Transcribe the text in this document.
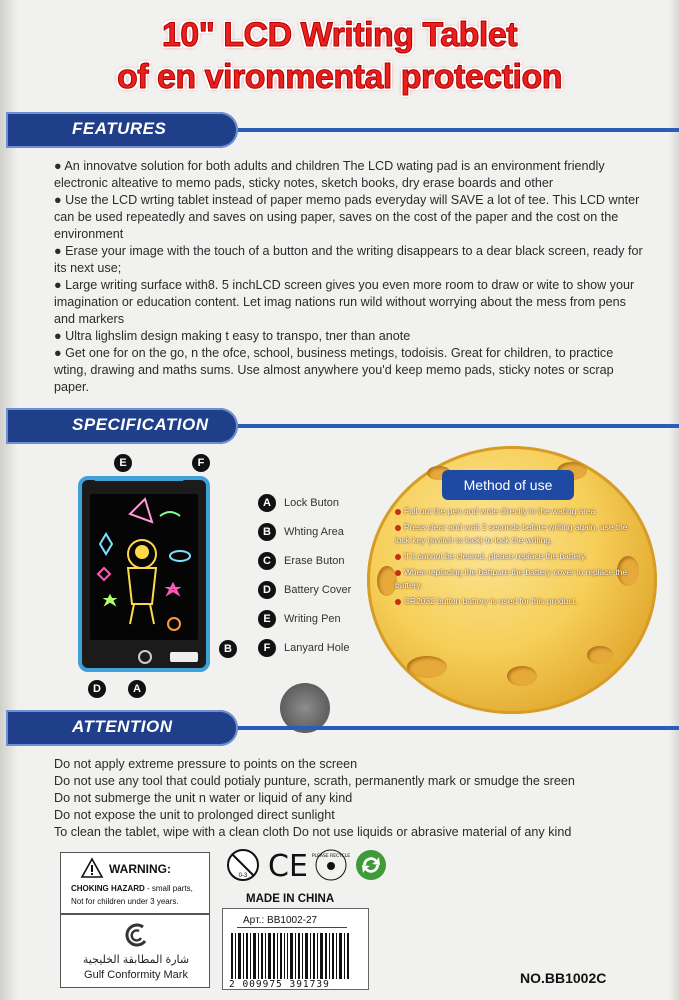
10" LCD Writing Tablet
of en vironmental protection
FEATURES

● An innovatve solution for both adults and children The LCD wating pad is an environment friendly electronic alteative to memo pads, sticky notes, sketch books, dry erase boards and other

● Use the LCD wrting tablet instead of paper memo pads everyday will SAVE a lot of tee. This LCD wnter can be used repeatedly and saves on using paper, saves on the cost of the paper and the cost on the environment

● Erase your image with the touch of a button and the writing disappears to a dear black screen, ready for its next use;

● Large writing surface with8. 5 inchLCD screen gives you even more room to draw or wite to show your imagination or education content. Let imag nations run wild without worrying about the mess from pens and markers

● Ultra lighslim design making t easy to transpo, tner than anote

● Get one for on the go, n the ofce, school, business metings, todoisis. Great for children, to practice wting, drawing and maths sums. Use almost anywhere you'd keep memo pads, sticky notes or scrap paper.

SPECIFICATION
E	F
B
D	A
A Lock Buton
B Whting Area
C Erase Buton
D Battery Cover
E Writing Pen
F Lanyard Hole
Method of use

Full out the pen and wnte directly in the wating area

Press clear and wait 2 seconds before writing again, use the lock key (switch to lock) to lock the writing.

If it cannot be cleared, please replace the battery.

When replacing the battpure the battery cover to replace the battery.

CR2032 button battery is used for this product.

ATTENTION

Do not apply extreme pressure to points on the screen

Do not use any tool that could potialy punture, scrath, permanently mark or smudge the sreen

Do not submerge the unit n water or liquid of any kind

Do not expose the unit to prolonged direct sunlight

To clean the tablet, wipe with a clean cloth Do not use liquids or abrasive material of any kind

WARNING:
CHOKING HAZARD - small parts,
Not for children under 3 years.
شارة المطابقة الخليجية
Gulf Conformity Mark
0-3 CE PLEASE RECYCLE
MADE IN CHINA
Apт.: BB1002-27
2 009975 391739	NO.BB1002C
